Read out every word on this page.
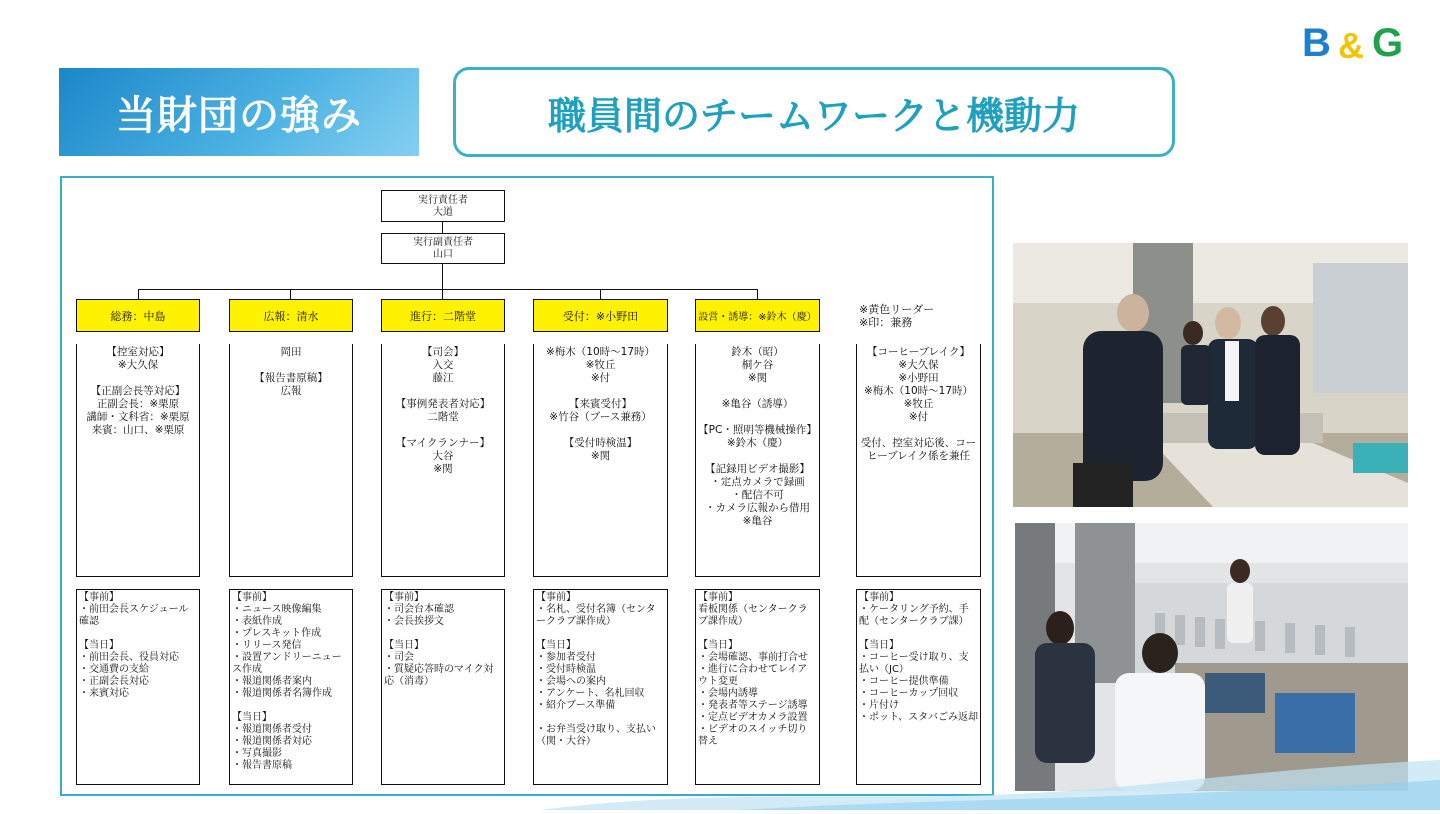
当財団の強み	職員間のチームワークと機動力
B & G
実行責任者
大道
実行副責任者
山口
総務：中島	広報：清水	進行：二階堂	受付：※小野田	設営・誘導：※鈴木（慶）
※黄色リーダー
※印：兼務
【控室対応】
※大久保

【正副会長等対応】
正副会長：※栗原
講師・文科省：※栗原
来賓：山口、※栗原
岡田

【報告書原稿】
広報
【司会】
入交
藤江

【事例発表者対応】
二階堂

【マイクランナー】
大谷
※関
※梅木（10時～17時）
※牧丘
※付

【来賓受付】
※竹谷（ブース兼務）

【受付時検温】
※関
鈴木（昭）
桐ケ谷
※関

※亀谷（誘導）

【PC・照明等機械操作】
※鈴木（慶）

【記録用ビデオ撮影】
・定点カメラで録画
・配信不可
・カメラ広報から借用
※亀谷
【コーヒーブレイク】
※大久保
※小野田
※梅木（10時～17時）
※牧丘
※付

受付、控室対応後、コーヒーブレイク係を兼任
【事前】
・前田会長スケジュール確認

【当日】
・前田会長、役員対応
・交通費の支給
・正副会長対応
・来賓対応
【事前】
・ニュース映像編集
・表紙作成
・プレスキット作成
・リリース発信
・設置アンドリーニュース作成
・報道関係者案内
・報道関係者名簿作成

【当日】
・報道関係者受付
・報道関係者対応
・写真撮影
・報告書原稿
【事前】
・司会台本確認
・会長挨拶文

【当日】
・司会
・質疑応答時のマイク対応（消毒）
【事前】
・名札、受付名簿（センタークラブ課作成）

【当日】
・参加者受付
・受付時検温
・会場への案内
・アンケート、名札回収
・紹介ブース準備

・お弁当受け取り、支払い（関・大谷）
【事前】
看板関係（センタークラブ課作成）

【当日】
・会場確認、事前打合せ
・進行に合わせてレイアウト変更
・会場内誘導
・発表者等ステージ誘導
・定点ビデオカメラ設置
・ビデオのスイッチ切り替え
【事前】
・ケータリング予約、手配（センタークラブ課）

【当日】
・コーヒー受け取り、支払い（JC）
・コーヒー提供準備
・コーヒーカップ回収
・片付け
・ポット、スタバごみ返却
